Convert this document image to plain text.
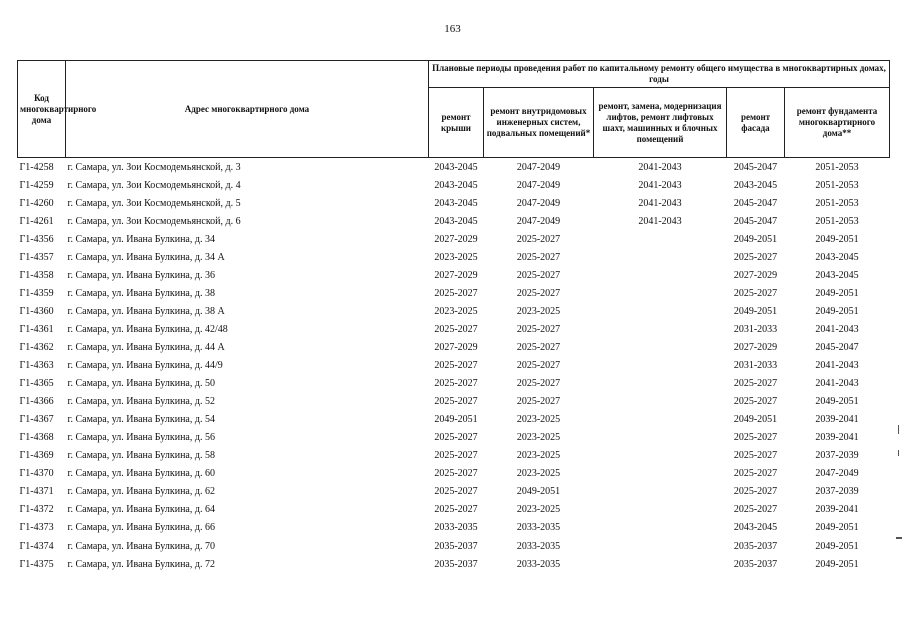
163
Код многоквартирного дома	Адрес многоквартирного дома	Плановые периоды проведения работ по капитальному ремонту общего имущества в многоквартирных домах, годы				
		ремонт крыши	ремонт внутридомовых инженерных систем, подвальных помещений*	ремонт, замена, модернизация лифтов, ремонт лифтовых шахт, машинных и блочных помещений	ремонт фасада	ремонт фундамента многоквартирного дома**
Г1-4258	г. Самара, ул. Зои Космодемьянской, д. 3	2043-2045	2047-2049	2041-2043	2045-2047	2051-2053
Г1-4259	г. Самара, ул. Зои Космодемьянской, д. 4	2043-2045	2047-2049	2041-2043	2043-2045	2051-2053
Г1-4260	г. Самара, ул. Зои Космодемьянской, д. 5	2043-2045	2047-2049	2041-2043	2045-2047	2051-2053
Г1-4261	г. Самара, ул. Зои Космодемьянской, д. 6	2043-2045	2047-2049	2041-2043	2045-2047	2051-2053
Г1-4356	г. Самара, ул. Ивана Булкина, д. 34	2027-2029	2025-2027		2049-2051	2049-2051
Г1-4357	г. Самара, ул. Ивана Булкина, д. 34 А	2023-2025	2025-2027		2025-2027	2043-2045
Г1-4358	г. Самара, ул. Ивана Булкина, д. 36	2027-2029	2025-2027		2027-2029	2043-2045
Г1-4359	г. Самара, ул. Ивана Булкина, д. 38	2025-2027	2025-2027		2025-2027	2049-2051
Г1-4360	г. Самара, ул. Ивана Булкина, д. 38 А	2023-2025	2023-2025		2049-2051	2049-2051
Г1-4361	г. Самара, ул. Ивана Булкина, д. 42/48	2025-2027	2025-2027		2031-2033	2041-2043
Г1-4362	г. Самара, ул. Ивана Булкина, д. 44 А	2027-2029	2025-2027		2027-2029	2045-2047
Г1-4363	г. Самара, ул. Ивана Булкина, д. 44/9	2025-2027	2025-2027		2031-2033	2041-2043
Г1-4365	г. Самара, ул. Ивана Булкина, д. 50	2025-2027	2025-2027		2025-2027	2041-2043
Г1-4366	г. Самара, ул. Ивана Булкина, д. 52	2025-2027	2025-2027		2025-2027	2049-2051
Г1-4367	г. Самара, ул. Ивана Булкина, д. 54	2049-2051	2023-2025		2049-2051	2039-2041
Г1-4368	г. Самара, ул. Ивана Булкина, д. 56	2025-2027	2023-2025		2025-2027	2039-2041
Г1-4369	г. Самара, ул. Ивана Булкина, д. 58	2025-2027	2023-2025		2025-2027	2037-2039
Г1-4370	г. Самара, ул. Ивана Булкина, д. 60	2025-2027	2023-2025		2025-2027	2047-2049
Г1-4371	г. Самара, ул. Ивана Булкина, д. 62	2025-2027	2049-2051		2025-2027	2037-2039
Г1-4372	г. Самара, ул. Ивана Булкина, д. 64	2025-2027	2023-2025		2025-2027	2039-2041
Г1-4373	г. Самара, ул. Ивана Булкина, д. 66	2033-2035	2033-2035		2043-2045	2049-2051
Г1-4374	г. Самара, ул. Ивана Булкина, д. 70	2035-2037	2033-2035		2035-2037	2049-2051
Г1-4375	г. Самара, ул. Ивана Булкина, д. 72	2035-2037	2033-2035		2035-2037	2049-2051
